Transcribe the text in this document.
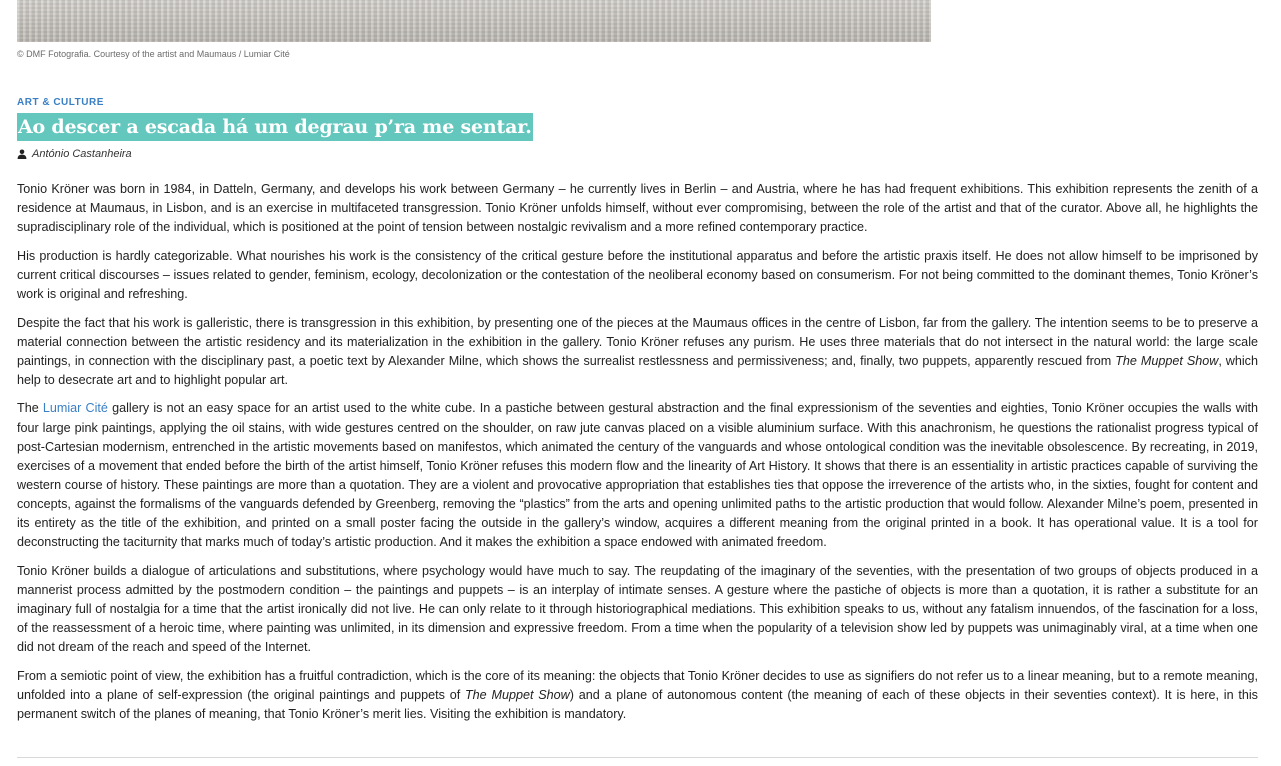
© DMF Fotografia. Courtesy of the artist and Maumaus / Lumiar Cité
ART & CULTURE
Ao descer a escada há um degrau p’ra me sentar.
António Castanheira

Tonio Kröner was born in 1984, in Datteln, Germany, and develops his work between Germany – he currently lives in Berlin – and Austria, where he has had frequent exhibitions. This exhibition represents the zenith of a residence at Maumaus, in Lisbon, and is an exercise in multifaceted transgression. Tonio Kröner unfolds himself, without ever compromising, between the role of the artist and that of the curator. Above all, he highlights the supradisciplinary role of the individual, which is positioned at the point of tension between nostalgic revivalism and a more refined contemporary practice.

His production is hardly categorizable. What nourishes his work is the consistency of the critical gesture before the institutional apparatus and before the artistic praxis itself. He does not allow himself to be imprisoned by current critical discourses – issues related to gender, feminism, ecology, decolonization or the contestation of the neoliberal economy based on consumerism. For not being committed to the dominant themes, Tonio Kröner’s work is original and refreshing.

Despite the fact that his work is galleristic, there is transgression in this exhibition, by presenting one of the pieces at the Maumaus offices in the centre of Lisbon, far from the gallery. The intention seems to be to preserve a material connection between the artistic residency and its materialization in the exhibition in the gallery. Tonio Kröner refuses any purism. He uses three materials that do not intersect in the natural world: the large scale paintings, in connection with the disciplinary past, a poetic text by Alexander Milne, which shows the surrealist restlessness and permissiveness; and, finally, two puppets, apparently rescued from The Muppet Show, which help to desecrate art and to highlight popular art.

The Lumiar Cité gallery is not an easy space for an artist used to the white cube. In a pastiche between gestural abstraction and the final expressionism of the seventies and eighties, Tonio Kröner occupies the walls with four large pink paintings, applying the oil stains, with wide gestures centred on the shoulder, on raw jute canvas placed on a visible aluminium surface. With this anachronism, he questions the rationalist progress typical of post-Cartesian modernism, entrenched in the artistic movements based on manifestos, which animated the century of the vanguards and whose ontological condition was the inevitable obsolescence. By recreating, in 2019, exercises of a movement that ended before the birth of the artist himself, Tonio Kröner refuses this modern flow and the linearity of Art History. It shows that there is an essentiality in artistic practices capable of surviving the western course of history. These paintings are more than a quotation. They are a violent and provocative appropriation that establishes ties that oppose the irreverence of the artists who, in the sixties, fought for content and concepts, against the formalisms of the vanguards defended by Greenberg, removing the “plastics” from the arts and opening unlimited paths to the artistic production that would follow. Alexander Milne’s poem, presented in its entirety as the title of the exhibition, and printed on a small poster facing the outside in the gallery’s window, acquires a different meaning from the original printed in a book. It has operational value. It is a tool for deconstructing the taciturnity that marks much of today’s artistic production. And it makes the exhibition a space endowed with animated freedom.

Tonio Kröner builds a dialogue of articulations and substitutions, where psychology would have much to say. The reupdating of the imaginary of the seventies, with the presentation of two groups of objects produced in a mannerist process admitted by the postmodern condition – the paintings and puppets – is an interplay of intimate senses. A gesture where the pastiche of objects is more than a quotation, it is rather a substitute for an imaginary full of nostalgia for a time that the artist ironically did not live. He can only relate to it through historiographical mediations. This exhibition speaks to us, without any fatalism innuendos, of the fascination for a loss, of the reassessment of a heroic time, where painting was unlimited, in its dimension and expressive freedom. From a time when the popularity of a television show led by puppets was unimaginably viral, at a time when one did not dream of the reach and speed of the Internet.

From a semiotic point of view, the exhibition has a fruitful contradiction, which is the core of its meaning: the objects that Tonio Kröner decides to use as signifiers do not refer us to a linear meaning, but to a remote meaning, unfolded into a plane of self-expression (the original paintings and puppets of The Muppet Show) and a plane of autonomous content (the meaning of each of these objects in their seventies context). It is here, in this permanent switch of the planes of meaning, that Tonio Kröner’s merit lies. Visiting the exhibition is mandatory.
